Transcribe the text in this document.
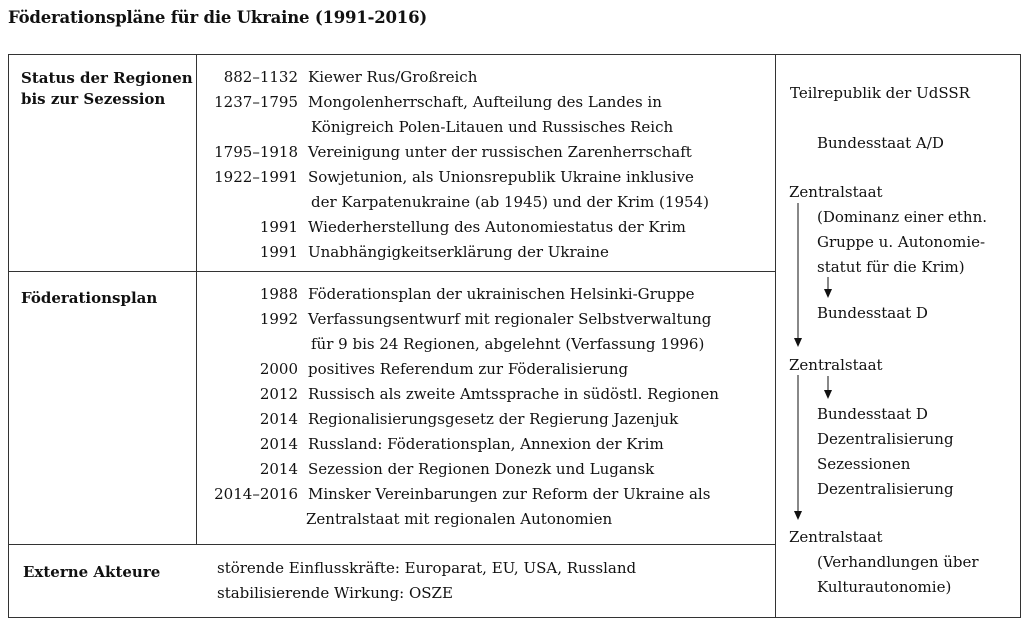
Föderationspläne für die Ukraine (1991-2016)
Status der Regionen
bis zur Sezession
882–1132 Kiewer Rus/Großreich
1237–1795 Mongolenherrschaft, Aufteilung des Landes in
Königreich Polen-Litauen und Russisches Reich
1795–1918 Vereinigung unter der russischen Zarenherrschaft
1922–1991 Sowjetunion, als Unionsrepublik Ukraine inklusive
der Karpatenukraine (ab 1945) und der Krim (1954)
1991 Wiederherstellung des Autonomiestatus der Krim
1991 Unabhängigkeitserklärung der Ukraine
Föderationsplan	1988 Föderationsplan der ukrainischen Helsinki-Gruppe
1992 Verfassungsentwurf mit regionaler Selbstverwaltung
für 9 bis 24 Regionen, abgelehnt (Verfassung 1996)
2000 positives Referendum zur Föderalisierung
2012 Russisch als zweite Amtssprache in südöstl. Regionen
2014 Regionalisierungsgesetz der Regierung Jazenjuk
2014 Russland: Föderationsplan, Annexion der Krim
2014 Sezession der Regionen Donezk und Lugansk
2014–2016 Minsker Vereinbarungen zur Reform der Ukraine als
Zentralstaat mit regionalen Autonomien
Externe Akteure	störende Einflusskräfte: Europarat, EU, USA, Russland
stabilisierende Wirkung: OSZE
Teilrepublik der UdSSR
Bundesstaat A/D
Zentralstaat
(Dominanz einer ethn.
Gruppe u. Autonomie-
statut für die Krim)
Bundesstaat D
Zentralstaat
Bundesstaat D
Dezentralisierung
Sezessionen
Dezentralisierung
Zentralstaat
(Verhandlungen über
Kulturautonomie)
